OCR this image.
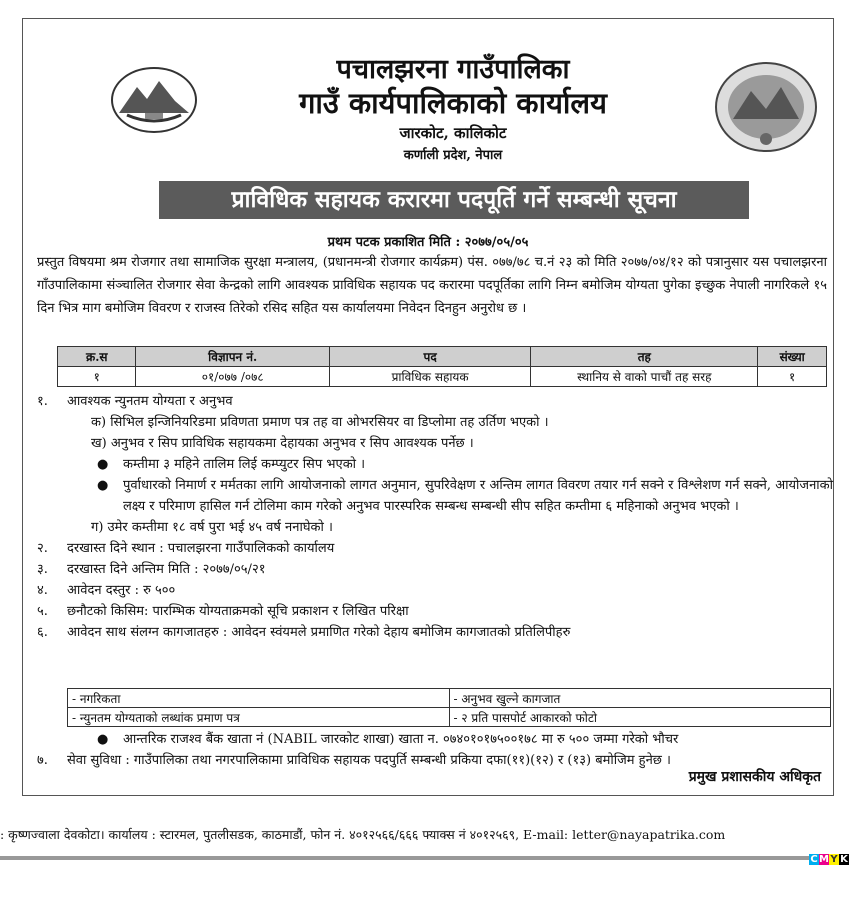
पचालझरना गाउँपालिका
गाउँ कार्यपालिकाको कार्यालय
जारकोट, कालिकोट
कर्णाली प्रदेश, नेपाल
प्राविधिक सहायक करारमा पदपूर्ति गर्ने सम्बन्धी सूचना
प्रथम पटक प्रकाशित मिति : २०७७/०५/०५
प्रस्तुत विषयमा श्रम रोजगार तथा सामाजिक सुरक्षा मन्त्रालय, (प्रधानमन्त्री रोजगार कार्यक्रम) पंस. ०७७/७८ च.नं २३ को मिति २०७७/०४/१२ को पत्रानुसार यस पचालझरना गाँउपालिकामा संञ्चालित रोजगार सेवा केन्द्रको लागि आवश्यक प्राविधिक सहायक पद करारमा पदपूर्तिका लागि निम्न बमोजिम योग्यता पुगेका इच्छुक नेपाली नागरिकले १५ दिन भित्र माग बमोजिम विवरण र राजस्व तिरेको रसिद सहित यस कार्यालयमा निवेदन दिनहुन अनुरोध छ ।
क्र.स	विज्ञापन नं.	पद	तह	संख्या
१	०१/०७७ /०७८	प्राविधिक सहायक	स्थानिय से वाको पाचौं तह सरह	१
१.	आवश्यक न्युनतम योग्यता र अनुभव
क) सिभिल इन्जिनियरिडमा प्रविणता प्रमाण पत्र तह वा ओभरसियर वा डिप्लोमा तह उर्तिण भएको ।
ख) अनुभव र सिप प्राविधिक सहायकमा देहायका अनुभव र सिप आवश्यक पर्नेछ ।
● कम्तीमा ३ महिने तालिम लिई कम्प्युटर सिप भएको ।
● पुर्वाधारको निमार्ण र मर्मतका लागि आयोजनाको लागत अनुमान, सुपरिवेक्षण र अन्तिम लागत विवरण तयार गर्न सक्ने र विश्लेशण गर्न सक्ने, आयोजनाको लक्ष्य र परिमाण हासिल गर्न टोलिमा काम गरेको अनुभव पारस्परिक सम्बन्ध सम्बन्धी सीप सहित कम्तीमा ६ महिनाको अनुभव भएको ।
ग) उमेर कम्तीमा १८ वर्ष पुरा भई ४५ वर्ष ननाघेको ।
२.	दरखास्त दिने स्थान : पचालझरना गाउँपालिकको कार्यालय
३.	दरखास्त दिने अन्तिम मिति : २०७७/०५/२१
४.	आवेदन दस्तुर : रु ५००
५.	छनौटको किसिम: पारम्भिक योग्यताक्रमको सूचि प्रकाशन र लिखित परिक्षा
६.	आवेदन साथ संलग्न कागजातहरु : आवेदन स्वंयमले प्रमाणित गरेको देहाय बमोजिम कागजातको प्रतिलिपीहरु
- नगरिकता	- अनुभव खुल्ने कागजात
- न्युनतम योग्यताको लब्धांक प्रमाण पत्र	- २ प्रति पासपोर्ट आकारको फोटो
● आन्तरिक राजश्व बैंक खाता नं (NABIL जारकोट शाखा) खाता न. ०७४०१०१७५००१७८ मा रु ५०० जम्मा गरेको भौचर
७.	सेवा सुविधा : गाउँपालिका तथा नगरपालिकामा प्राविधिक सहायक पदपुर्ति सम्बन्धी प्रकिया दफा(११)(१२) र (१३) बमोजिम हुनेछ ।
प्रमुख प्रशासकीय अधिकृत
: कृष्णज्वाला देवकोटा। कार्यालय : स्टारमल, पुतलीसडक, काठमाडौं, फोन नं. ४०१२५६६/६६६ फ्याक्स नं ४०१२५६९, E-mail: letter@nayapatrika.com
CMY K
